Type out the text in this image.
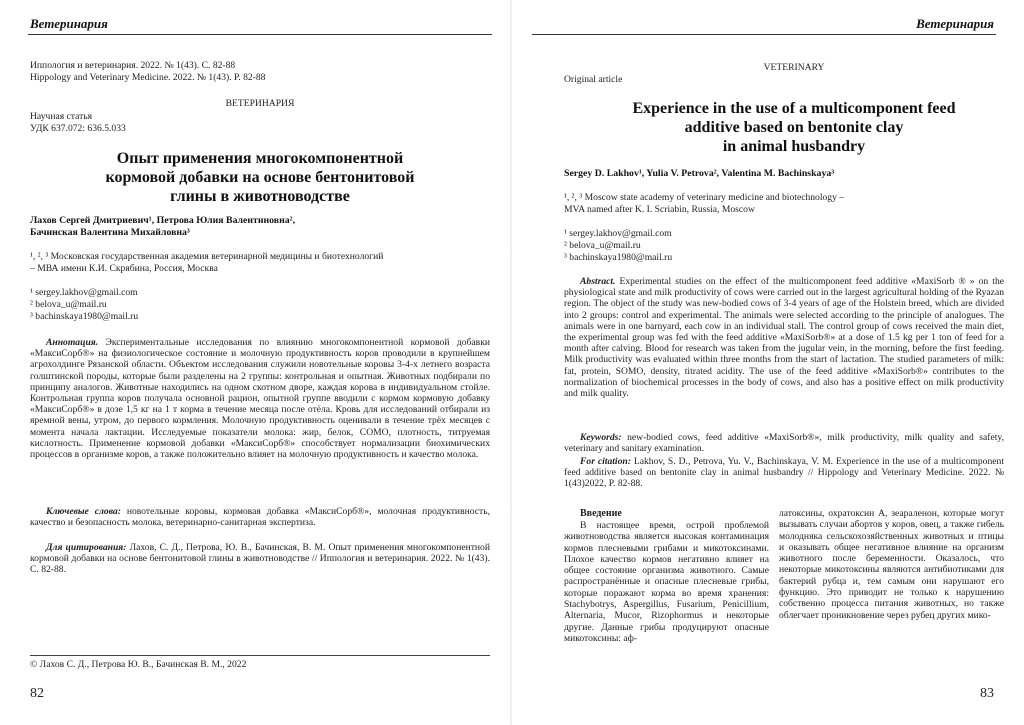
Ветеринария
Иппология и ветеринария. 2022. № 1(43). С. 82-88
Hippology and Veterinary Medicine. 2022. № 1(43). P. 82-88
ВЕТЕРИНАРИЯ
Научная статья
УДК 637.072: 636.5.033
Опыт применения многокомпонентной
кормовой добавки на основе бентонитовой
глины в животноводстве
Лахов Сергей Дмитриевич¹, Петрова Юлия Валентиновна²,
Бачинская Валентина Михайловна³
¹, ², ³ Московская государственная академия ветеринарной медицины и биотехнологий
– МВА имени К.И. Скрябина, Россия, Москва
¹ sergey.lakhov@gmail.com
² belova_u@mail.ru
³ bachinskaya1980@mail.ru
Аннотация. Экспериментальные исследования по влиянию многокомпонентной кормовой добавки «МаксиСорб®» на физиологическое состояние и молочную продуктивность коров проводили в крупнейшем агрохолдинге Рязанской области. Объектом исследования служили новотельные коровы 3-4-х летнего возраста голштинской породы, которые были разделены на 2 группы: контрольная и опытная. Животных подбирали по принципу аналогов. Животные находились на одном скотном дворе, каждая корова в индивидуальном стойле. Контрольная группа коров получала основной рацион, опытной группе вводили с кормом кормовую добавку «МаксиСорб®» в дозе 1,5 кг на 1 т корма в течение месяца после отёла. Кровь для исследований отбирали из яремной вены, утром, до первого кормления. Молочную продуктивность оценивали в течение трёх месяцев с момента начала лактации. Исследуемые показатели молока: жир, белок, СОМО, плотность, титруемая кислотность. Применение кормовой добавки «МаксиСорб®» способствует нормализации биохимических процессов в организме коров, а также положительно влияет на молочную продуктивность и качество молока.
Ключевые слова: новотельные коровы, кормовая добавка «МаксиСорб®», молочная продуктивность, качество и безопасность молока, ветеринарно-санитарная экспертиза.
Для цитирования: Лахов, С. Д., Петрова, Ю. В., Бачинская, В. М. Опыт применения многокомпонентной кормовой добавки на основе бентонитовой глины в животноводстве // Иппология и ветеринария. 2022. № 1(43). С. 82-88.
© Лахов С. Д., Петрова Ю. В., Бачинская В. М., 2022
82
Ветеринария
VETERINARY
Original article
Experience in the use of a multicomponent feed
additive based on bentonite clay
in animal husbandry
Sergey D. Lakhov¹, Yulia V. Petrova², Valentina M. Bachinskaya³
¹, ², ³ Moscow state academy of veterinary medicine and biotechnology –
MVA named after K. I. Scriabin, Russia, Moscow
¹ sergey.lakhov@gmail.com
² belova_u@mail.ru
³ bachinskaya1980@mail.ru
Abstract. Experimental studies on the effect of the multicomponent feed additive «MaxiSorb ® » on the physiological state and milk productivity of cows were carried out in the largest agricultural holding of the Ryazan region. The object of the study was new-bodied cows of 3-4 years of age of the Holstein breed, which are divided into 2 groups: control and experimental. The animals were selected according to the principle of analogues. The animals were in one barnyard, each cow in an individual stall. The control group of cows received the main diet, the experimental group was fed with the feed additive «MaxiSorb®» at a dose of 1.5 kg per 1 ton of feed for a month after calving. Blood for research was taken from the jugular vein, in the morning, before the first feeding. Milk productivity was evaluated within three months from the start of lactation. The studied parameters of milk: fat, protein, SOMO, density, titrated acidity. The use of the feed additive «MaxiSorb®» contributes to the normalization of biochemical processes in the body of cows, and also has a positive effect on milk productivity and milk quality.
Keywords: new-bodied cows, feed additive «MaxiSorb®», milk productivity, milk quality and safety, veterinary and sanitary examination.
For citation: Lakhov, S. D., Petrova, Yu. V., Bachinskaya, V. M. Experience in the use of a multicomponent feed additive based on bentonite clay in animal husbandry // Hippology and Veterinary Medicine. 2022. № 1(43)2022, P. 82-88.
Введение
В настоящее время, острой проблемой животноводства является высокая контаминация кормов плесневыми грибами и микотоксинами. Плохое качество кормов негативно влияет на общее состояние организма животного. Самые распространённые и опасные плесневые грибы, которые поражают корма во время хранения: Stachybotrys, Aspergillus, Fusarium, Penicillium, Alternaria, Mucor, Rizophormus и некоторые другие. Данные грибы продуцируют опасные микотоксины: аф-
латоксины, охратоксин А, зеараленон, которые могут вызывать случаи абортов у коров, овец, а также гибель молодняка сельскохозяйственных животных и птицы и оказывать общее негативное влияние на организм животного после беременности. Оказалось, что некоторые микотоксины являются антибиотиками для бактерий рубца и, тем самым они нарушают его функцию. Это приводит не только к нарушению собственно процесса питания животных, но также облегчает проникновение через рубец других мико-
83
